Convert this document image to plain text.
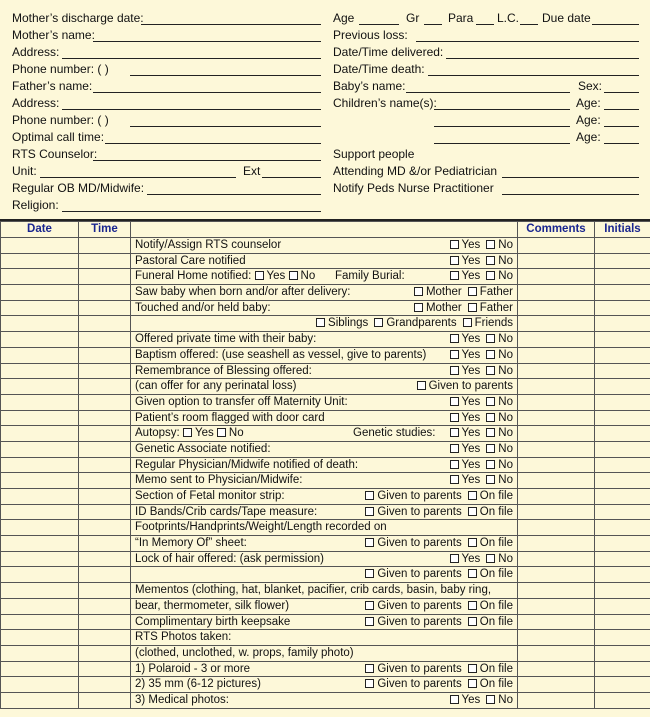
Mother’s discharge date:
Mother’s name:
Address:
Phone number: ( )
Father’s name:
Address:
Phone number: ( )
Optimal call time:
RTS Counselor:
Unit:	Ext
Regular OB MD/Midwife:
Religion:
Age	Gr Para L.C. Due date
Previous loss:
Date/Time delivered:
Date/Time death:
Baby’s name:	Sex:
Children’s name(s):	Age:
Age:
Age:
Support people
Attending MD &/or Pediatrician
Notify Peds Nurse Practitioner
Date	Time		Comments	Initials
		Notify/Assign RTS counselor Yes No		

		Pastoral Care notified Yes No		

		Funeral Home notified: Yes No Family Burial: Yes No		

		Saw baby when born and/or after delivery: Mother Father		

		Touched and/or held baby: Mother Father		

		Siblings Grandparents Friends		

		Offered private time with their baby: Yes No		

		Baptism offered: (use seashell as vessel, give to parents) Yes No		

		Remembrance of Blessing offered: Yes No		

		(can offer for any perinatal loss) Given to parents		

		Given option to transfer off Maternity Unit: Yes No		

		Patient’s room flagged with door card Yes No		

		Autopsy: Yes No Genetic studies: Yes No		

		Genetic Associate notified: Yes No		

		Regular Physician/Midwife notified of death: Yes No		

		Memo sent to Physician/Midwife: Yes No		

		Section of Fetal monitor strip: Given to parents On file		

		ID Bands/Crib cards/Tape measure: Given to parents On file		

		Footprints/Handprints/Weight/Length recorded on		
		“In Memory Of” sheet: Given to parents On file		

		Lock of hair offered: (ask permission) Yes No		

		Given to parents On file		

		Mementos (clothing, hat, blanket, pacifier, crib cards, basin, baby ring,		
		bear, thermometer, silk flower) Given to parents On file		

		Complimentary birth keepsake Given to parents On file		

		RTS Photos taken:		
		(clothed, unclothed, w. props, family photo)		
		1) Polaroid - 3 or more Given to parents On file		

		2) 35 mm (6-12 pictures) Given to parents On file		

		3) Medical photos: Yes No		
